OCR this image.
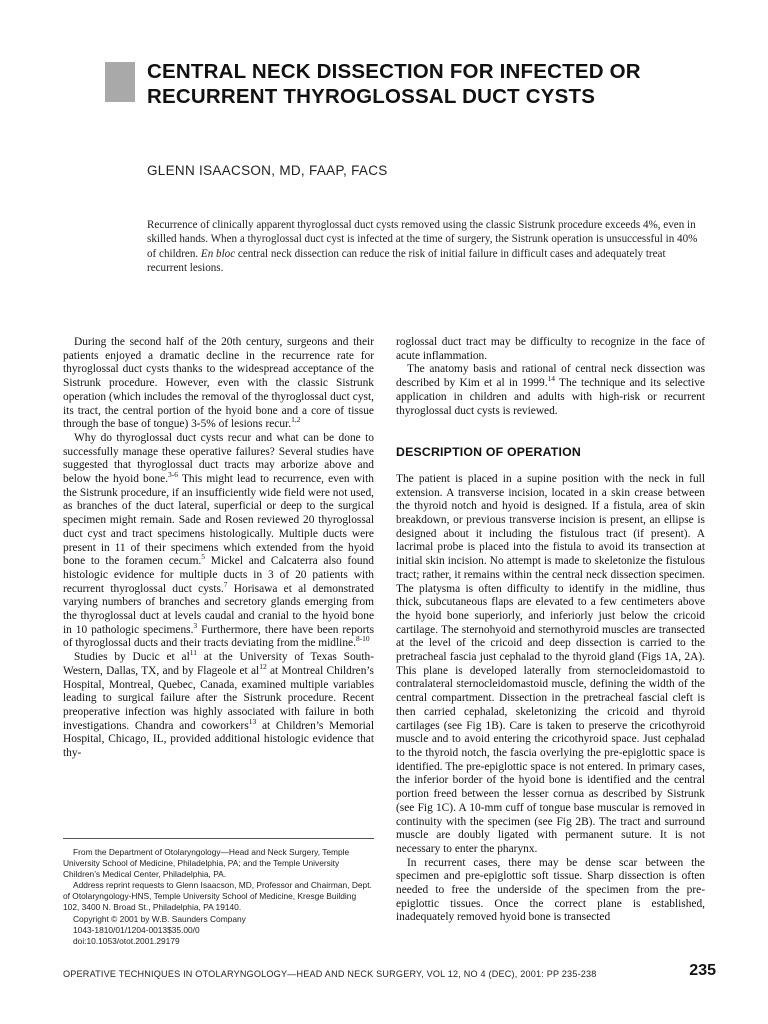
CENTRAL NECK DISSECTION FOR INFECTED OR RECURRENT THYROGLOSSAL DUCT CYSTS
GLENN ISAACSON, MD, FAAP, FACS
Recurrence of clinically apparent thyroglossal duct cysts removed using the classic Sistrunk procedure exceeds 4%, even in skilled hands. When a thyroglossal duct cyst is infected at the time of surgery, the Sistrunk operation is unsuccessful in 40% of children. En bloc central neck dissection can reduce the risk of initial failure in difficult cases and adequately treat recurrent lesions.

During the second half of the 20th century, surgeons and their patients enjoyed a dramatic decline in the recurrence rate for thyroglossal duct cysts thanks to the widespread acceptance of the Sistrunk procedure. However, even with the classic Sistrunk operation (which includes the removal of the thyroglossal duct cyst, its tract, the central portion of the hyoid bone and a core of tissue through the base of tongue) 3-5% of lesions recur.$^{1,2}$

Why do thyroglossal duct cysts recur and what can be done to successfully manage these operative failures? Several studies have suggested that thyroglossal duct tracts may arborize above and below the hyoid bone.$^{3-6}$ This might lead to recurrence, even with the Sistrunk procedure, if an insufficiently wide field were not used, as branches of the duct lateral, superficial or deep to the surgical specimen might remain. Sade and Rosen reviewed 20 thyroglossal duct cyst and tract specimens histologically. Multiple ducts were present in 11 of their specimens which extended from the hyoid bone to the foramen cecum.$^5$ Mickel and Calcaterra also found histologic evidence for multiple ducts in 3 of 20 patients with recurrent thyroglossal duct cysts.$^7$ Horisawa et al demonstrated varying numbers of branches and secretory glands emerging from the thyroglossal duct at levels caudal and cranial to the hyoid bone in 10 pathologic specimens.$^3$ Furthermore, there have been reports of thyroglossal ducts and their tracts deviating from the midline.$^{8-10}$

Studies by Ducic et $al^{11}$ at the University of Texas South-Western, Dallas, TX, and by Flageole et $al^{12}$ at Montreal Children’s Hospital, Montreal, Quebec, Canada, examined multiple variables leading to surgical failure after the Sistrunk procedure. Recent preoperative infection was highly associated with failure in both investigations. Chandra and coworkers$^{13}$ at Children’s Memorial Hospital, Chicago, IL, provided additional histologic evidence that thy-

From the Department of Otolaryngology—Head and Neck Surgery, Temple University School of Medicine, Philadelphia, PA; and the Temple University Children’s Medical Center, Philadelphia, PA.

Address reprint requests to Glenn Isaacson, MD, Professor and Chairman, Dept. of Otolaryngology-HNS, Temple University School of Medicine, Kresge Building 102, 3400 N. Broad St., Philadelphia, PA 19140.

Copyright © 2001 by W.B. Saunders Company

1043-1810/01/1204-0013$35.00/0

doi:10.1053/otot.2001.29179

roglossal duct tract may be difficulty to recognize in the face of acute inflammation.

The anatomy basis and rational of central neck dissection was described by Kim et al in 1999.14 The technique and its selective application in children and adults with high-risk or recurrent thyroglossal duct cysts is reviewed.

DESCRIPTION OF OPERATION

The patient is placed in a supine position with the neck in full extension. A transverse incision, located in a skin crease between the thyroid notch and hyoid is designed. If a fistula, area of skin breakdown, or previous transverse incision is present, an ellipse is designed about it including the fistulous tract (if present). A lacrimal probe is placed into the fistula to avoid its transection at initial skin incision. No attempt is made to skeletonize the fistulous tract; rather, it remains within the central neck dissection specimen. The platysma is often difficulty to identify in the midline, thus thick, subcutaneous flaps are elevated to a few centimeters above the hyoid bone superiorly, and inferiorly just below the cricoid cartilage. The sternohyoid and sternothyroid muscles are transected at the level of the cricoid and deep dissection is carried to the pretracheal fascia just cephalad to the thyroid gland (Figs 1A, 2A). This plane is developed laterally from sternocleidomastoid to contralateral sternocleidomastoid muscle, defining the width of the central compartment. Dissection in the pretracheal fascial cleft is then carried cephalad, skeletonizing the cricoid and thyroid cartilages (see Fig 1B). Care is taken to preserve the cricothyroid muscle and to avoid entering the cricothyroid space. Just cephalad to the thyroid notch, the fascia overlying the pre-epiglottic space is identified. The pre-epiglottic space is not entered. In primary cases, the inferior border of the hyoid bone is identified and the central portion freed between the lesser cornua as described by Sistrunk (see Fig 1C). A 10-mm cuff of tongue base muscular is removed in continuity with the specimen (see Fig 2B). The tract and surround muscle are doubly ligated with permanent suture. It is not necessary to enter the pharynx.

In recurrent cases, there may be dense scar between the specimen and pre-epiglottic soft tissue. Sharp dissection is often needed to free the underside of the specimen from the pre-epiglottic tissues. Once the correct plane is established, inadequately removed hyoid bone is transected

OPERATIVE TECHNIQUES IN OTOLARYNGOLOGY—HEAD AND NECK SURGERY, VOL 12, NO 4 (DEC), 2001: PP 235-238	235
